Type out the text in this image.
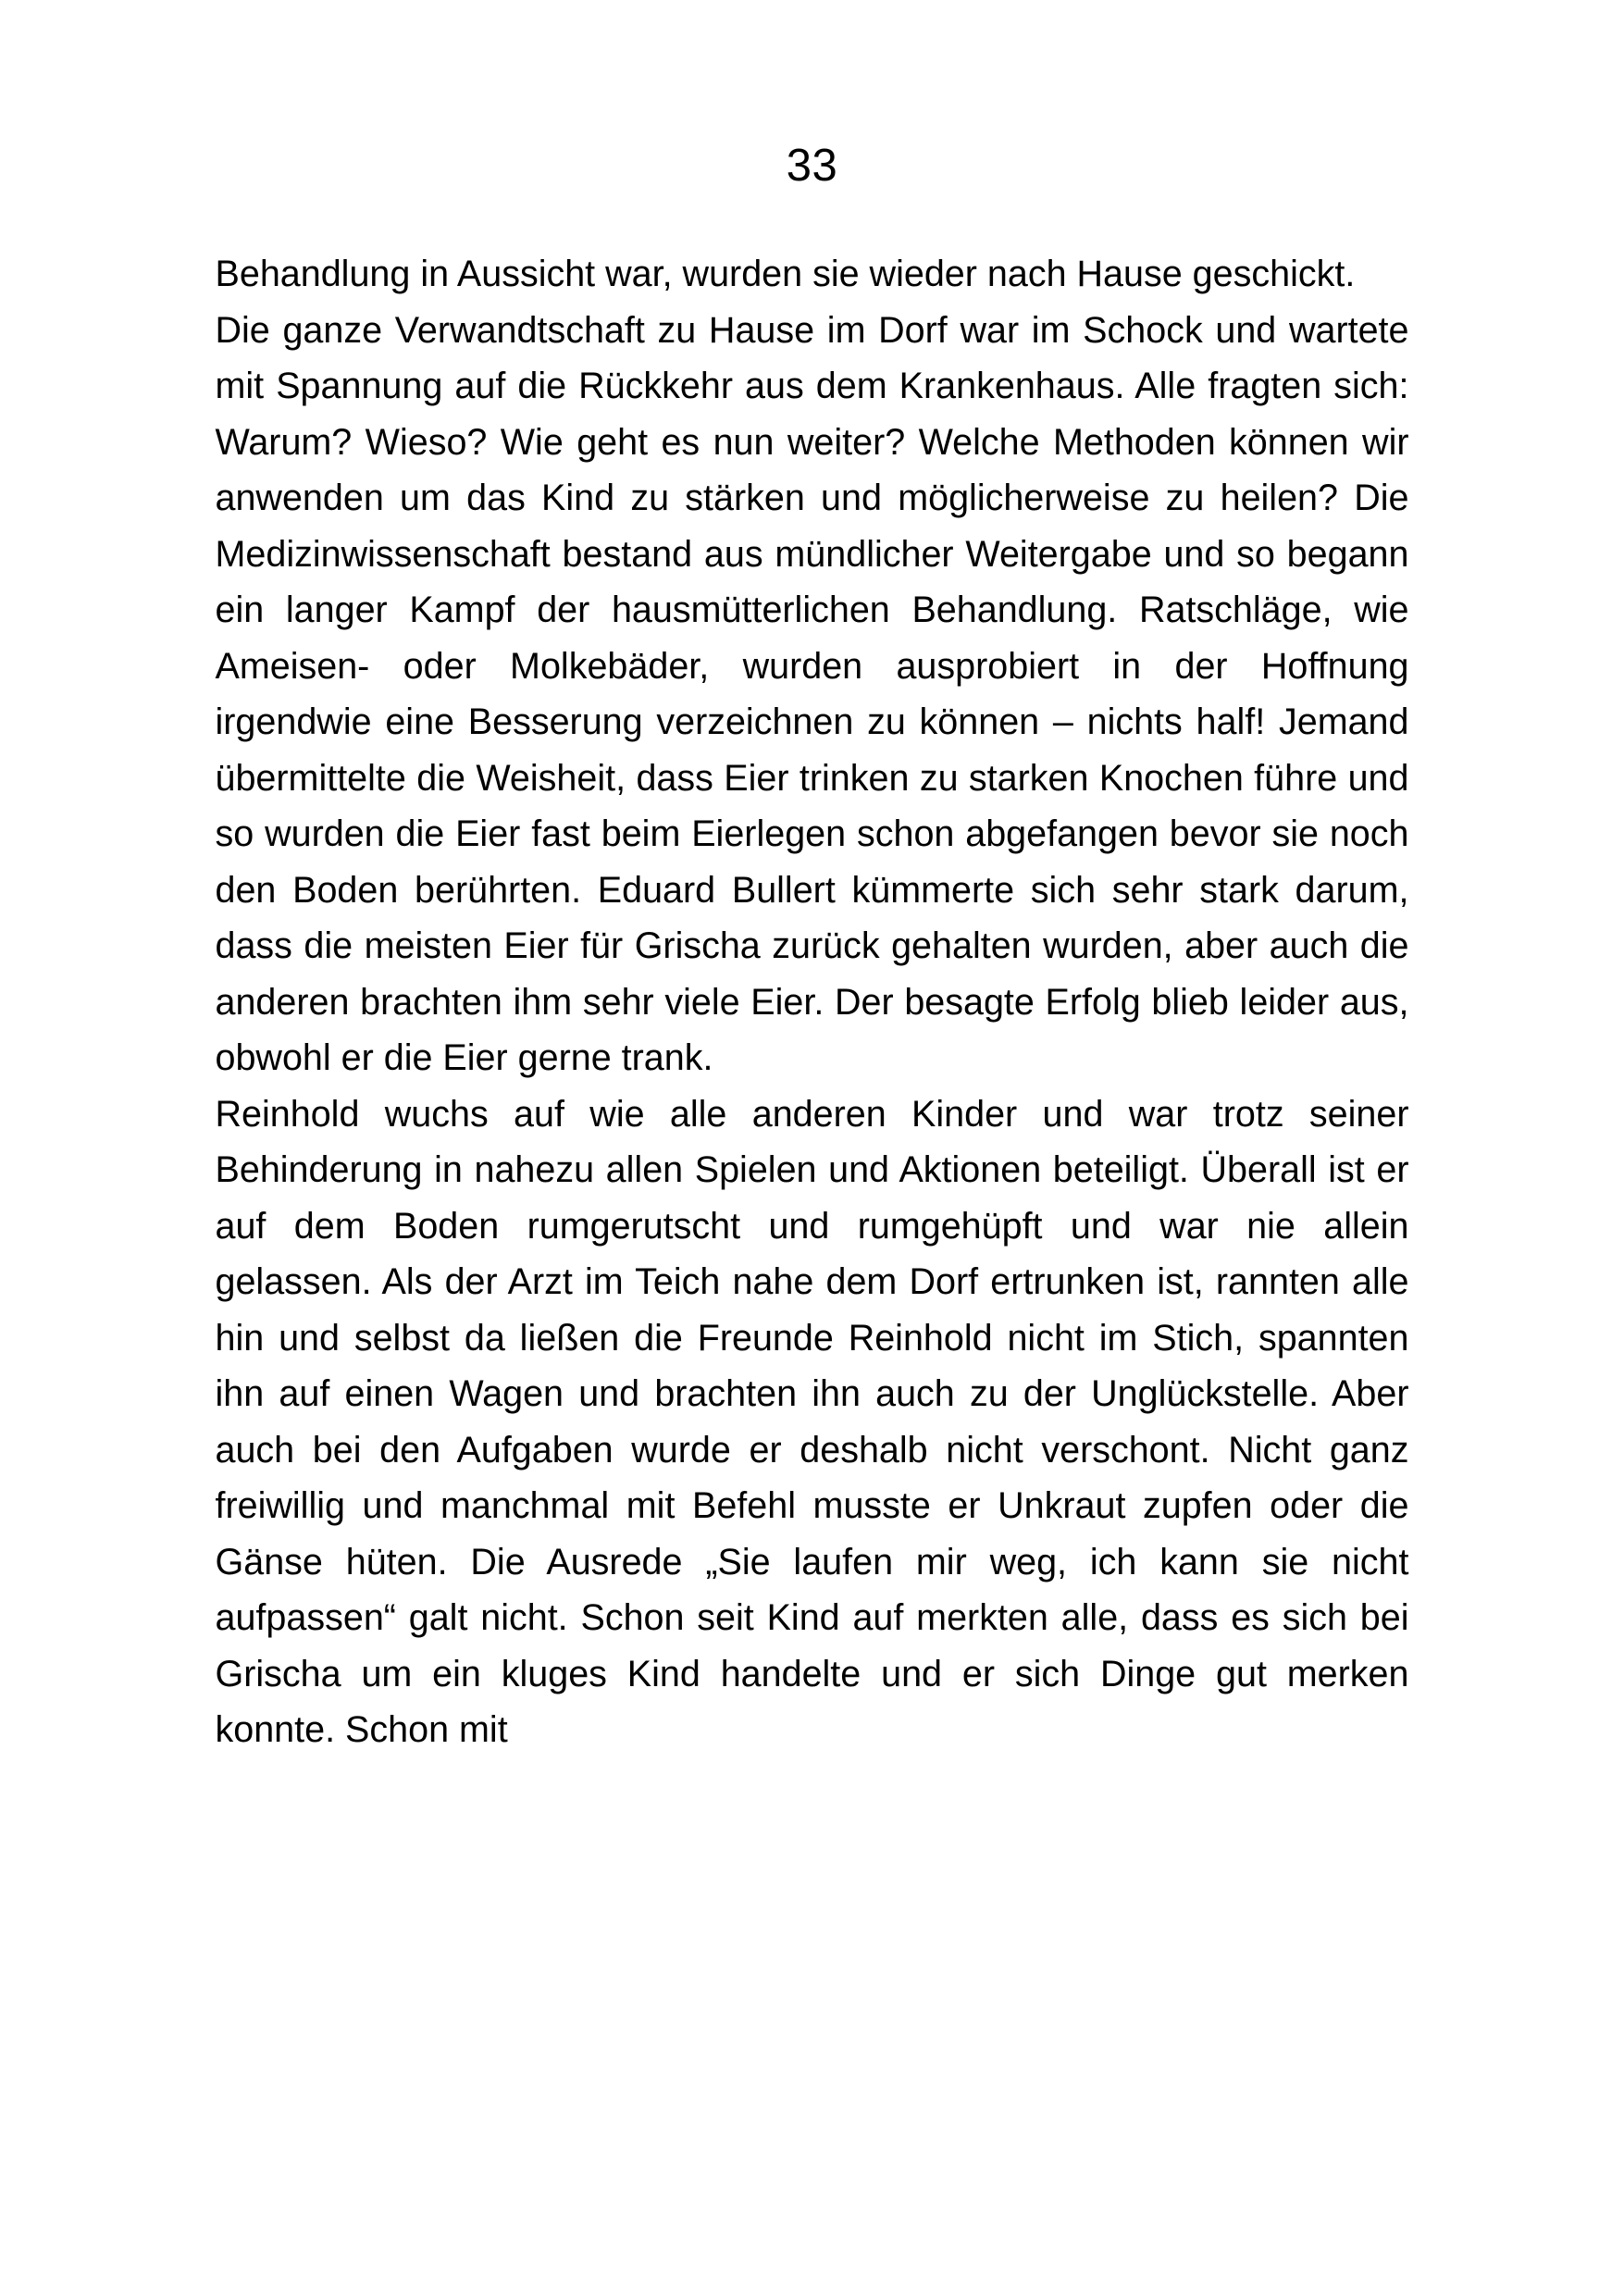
33

Behandlung in Aussicht war, wurden sie wieder nach Hause geschickt.

Die ganze Verwandtschaft zu Hause im Dorf war im Schock und wartete mit Spannung auf die Rückkehr aus dem Krankenhaus. Alle fragten sich: Warum? Wieso? Wie geht es nun weiter? Welche Methoden können wir anwenden um das Kind zu stärken und möglicherweise zu heilen? Die Medizinwissenschaft bestand aus mündlicher Weitergabe und so begann ein langer Kampf der hausmütterlichen Behandlung. Ratschläge, wie Ameisen- oder Molkebäder, wurden ausprobiert in der Hoffnung irgendwie eine Besserung verzeichnen zu können – nichts half! Jemand übermittelte die Weisheit, dass Eier trinken zu starken Knochen führe und so wurden die Eier fast beim Eierlegen schon abgefangen bevor sie noch den Boden berührten. Eduard Bullert kümmerte sich sehr stark darum, dass die meisten Eier für Grischa zurück gehalten wurden, aber auch die anderen brachten ihm sehr viele Eier. Der besagte Erfolg blieb leider aus, obwohl er die Eier gerne trank.

Reinhold wuchs auf wie alle anderen Kinder und war trotz seiner Behinderung in nahezu allen Spielen und Aktionen beteiligt. Überall ist er auf dem Boden rumgerutscht und rumgehüpft und war nie allein gelassen. Als der Arzt im Teich nahe dem Dorf ertrunken ist, rannten alle hin und selbst da ließen die Freunde Reinhold nicht im Stich, spannten ihn auf einen Wagen und brachten ihn auch zu der Unglückstelle. Aber auch bei den Aufgaben wurde er deshalb nicht verschont. Nicht ganz freiwillig und manchmal mit Befehl musste er Unkraut zupfen oder die Gänse hüten. Die Ausrede „Sie laufen mir weg, ich kann sie nicht aufpassen“ galt nicht. Schon seit Kind auf merkten alle, dass es sich bei Grischa um ein kluges Kind handelte und er sich Dinge gut merken konnte. Schon mit
